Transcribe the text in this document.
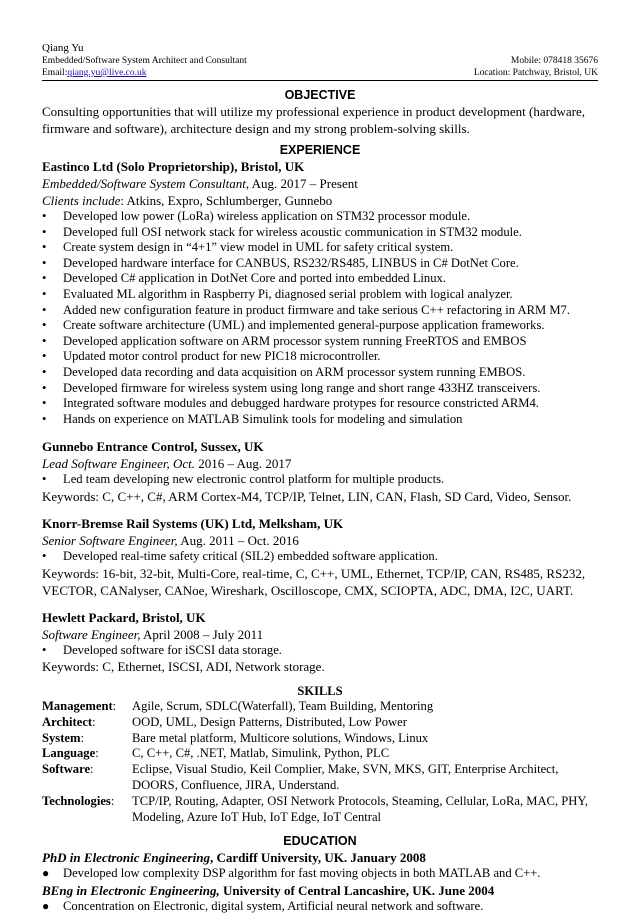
Qiang Yu
Embedded/Software System Architect and Consultant	Mobile: 078418 35676
Email:qiang.yu@live.co.uk	Location: Patchway, Bristol, UK
OBJECTIVE
Consulting opportunities that will utilize my professional experience in product development (hardware, firmware and software), architecture design and my strong problem-solving skills.
EXPERIENCE
Eastinco Ltd (Solo Proprietorship), Bristol, UK
Embedded/Software System Consultant, Aug. 2017 – Present
Clients include: Atkins, Expro, Schlumberger, Gunnebo
•	Developed low power (LoRa) wireless application on STM32 processor module.
•	Developed full OSI network stack for wireless acoustic communication in STM32 module.
•	Create system design in “4+1” view model in UML for safety critical system.
•	Developed hardware interface for CANBUS, RS232/RS485, LINBUS in C# DotNet Core.
•	Developed C# application in DotNet Core and ported into embedded Linux.
•	Evaluated ML algorithm in Raspberry Pi, diagnosed serial problem with logical analyzer.
•	Added new configuration feature in product firmware and take serious C++ refactoring in ARM M7.
•	Create software architecture (UML) and implemented general-purpose application frameworks.
•	Developed application software on ARM processor system running FreeRTOS and EMBOS
•	Updated motor control product for new PIC18 microcontroller.
•	Developed data recording and data acquisition on ARM processor system running EMBOS.
•	Developed firmware for wireless system using long range and short range 433HZ transceivers.
•	Integrated software modules and debugged hardware protypes for resource constricted ARM4.
•	Hands on experience on MATLAB Simulink tools for modeling and simulation
Gunnebo Entrance Control, Sussex, UK
Lead Software Engineer, Oct. 2016 – Aug. 2017
•	Led team developing new electronic control platform for multiple products.
Keywords: C, C++, C#, ARM Cortex-M4, TCP/IP, Telnet, LIN, CAN, Flash, SD Card, Video, Sensor.
Knorr-Bremse Rail Systems (UK) Ltd, Melksham, UK
Senior Software Engineer, Aug. 2011 – Oct. 2016
•	Developed real-time safety critical (SIL2) embedded software application.
Keywords: 16-bit, 32-bit, Multi-Core, real-time, C, C++, UML, Ethernet, TCP/IP, CAN, RS485, RS232,
VECTOR, CANalyser, CANoe, Wireshark, Oscilloscope, CMX, SCIOPTA, ADC, DMA, I2C, UART.
Hewlett Packard, Bristol, UK
Software Engineer, April 2008 – July 2011
•	Developed software for iSCSI data storage.
Keywords: C, Ethernet, ISCSI, ADI, Network storage.
SKILLS
Management:	Agile, Scrum, SDLC(Waterfall), Team Building, Mentoring
Architect:	OOD, UML, Design Patterns, Distributed, Low Power
System:	Bare metal platform, Multicore solutions, Windows, Linux
Language:	C, C++, C#, .NET, Matlab, Simulink, Python, PLC
Software:	Eclipse, Visual Studio, Keil Complier, Make, SVN, MKS, GIT, Enterprise Architect, DOORS, Confluence, JIRA, Understand.
Technologies:	TCP/IP, Routing, Adapter, OSI Network Protocols, Steaming, Cellular, LoRa, MAC, PHY, Modeling, Azure IoT Hub, IoT Edge, IoT Central
EDUCATION
PhD in Electronic Engineering, Cardiff University, UK. January 2008
●	Developed low complexity DSP algorithm for fast moving objects in both MATLAB and C++.
BEng in Electronic Engineering, University of Central Lancashire, UK. June 2004
●	Concentration on Electronic, digital system, Artificial neural network and software.
